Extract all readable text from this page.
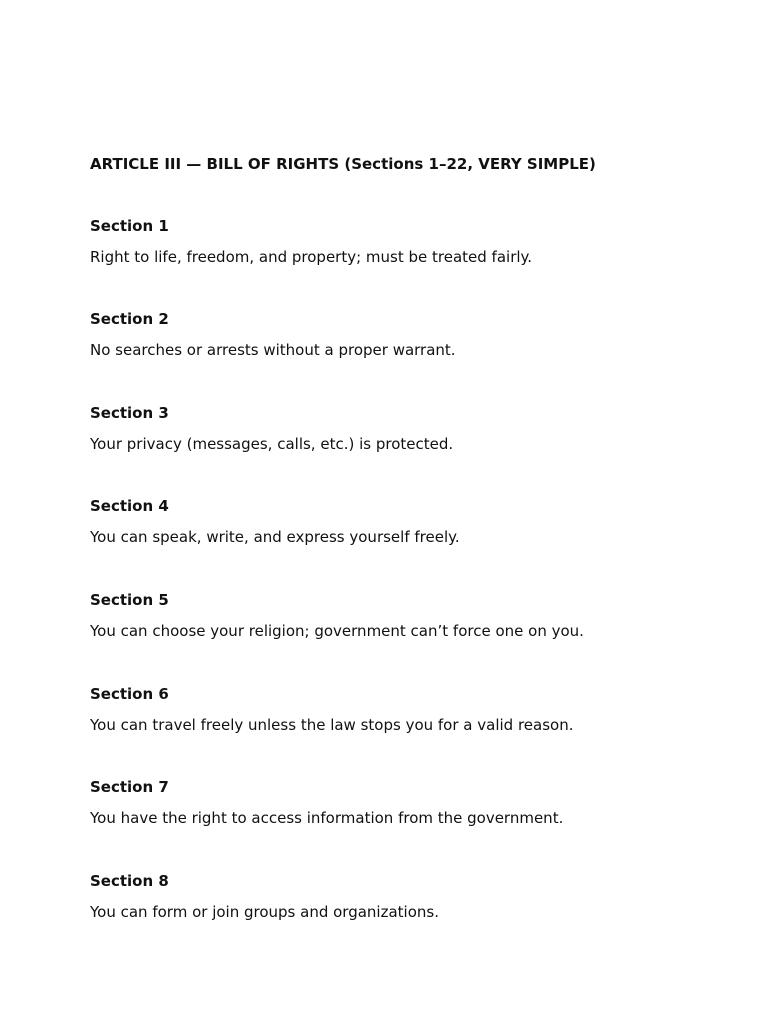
ARTICLE III — BILL OF RIGHTS (Sections 1–22, VERY SIMPLE)

Section 1

Right to life, freedom, and property; must be treated fairly.

Section 2

No searches or arrests without a proper warrant.

Section 3

Your privacy (messages, calls, etc.) is protected.

Section 4

You can speak, write, and express yourself freely.

Section 5

You can choose your religion; government can’t force one on you.

Section 6

You can travel freely unless the law stops you for a valid reason.

Section 7

You have the right to access information from the government.

Section 8

You can form or join groups and organizations.
